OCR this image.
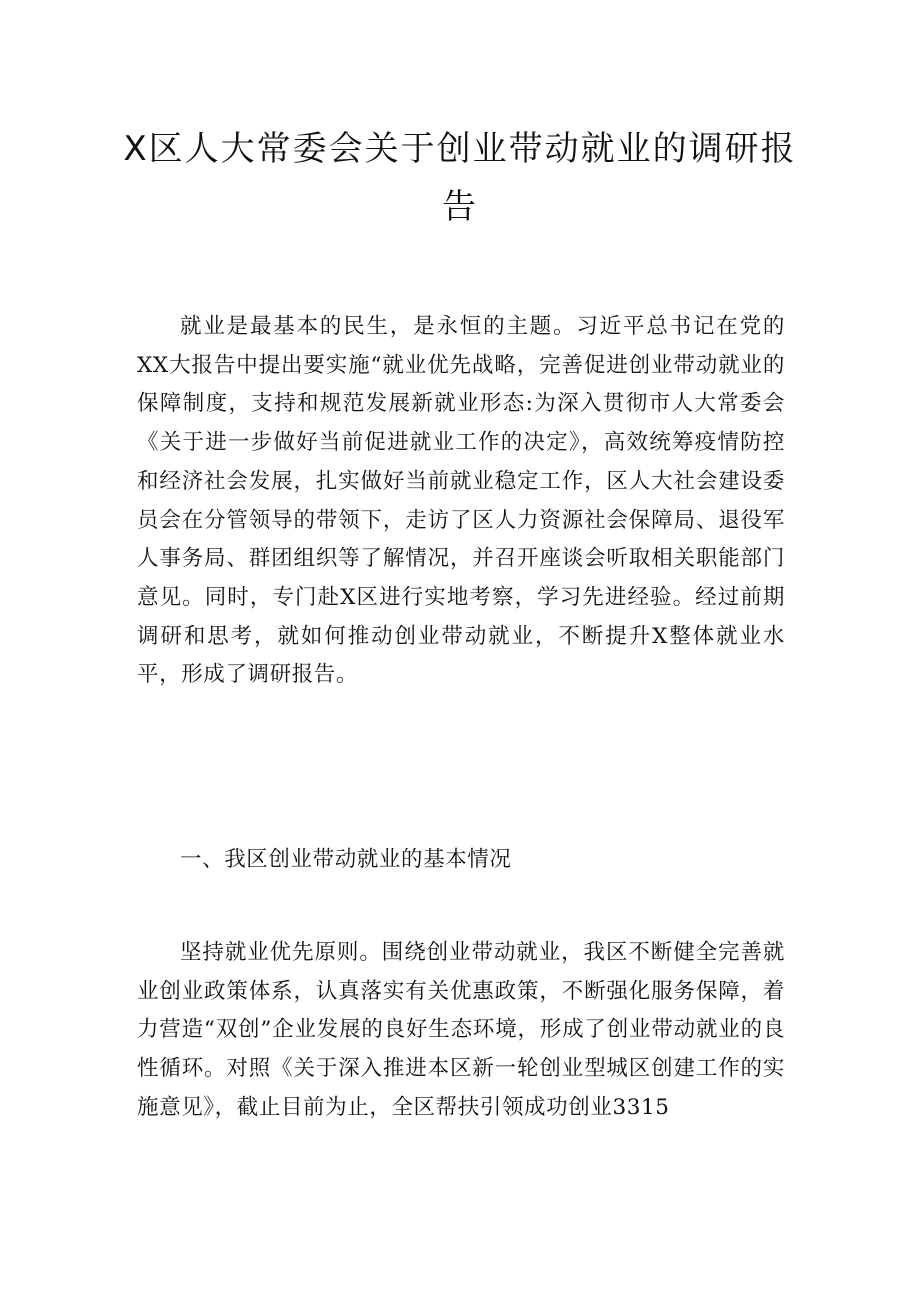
X区人大常委会关于创业带动就业的调研报告

就业是最基本的民生，是永恒的主题。习近平总书记在党的XX大报告中提出要实施“就业优先战略，完善促进创业带动就业的保障制度，支持和规范发展新就业形态:为深入贯彻市人大常委会《关于进一步做好当前促进就业工作的决定》，高效统筹疫情防控和经济社会发展，扎实做好当前就业稳定工作，区人大社会建设委员会在分管领导的带领下，走访了区人力资源社会保障局、退役军人事务局、群团组织等了解情况，并召开座谈会听取相关职能部门意见。同时，专门赴X区进行实地考察，学习先进经验。经过前期调研和思考，就如何推动创业带动就业，不断提升X整体就业水平，形成了调研报告。

一、我区创业带动就业的基本情况

坚持就业优先原则。围绕创业带动就业，我区不断健全完善就业创业政策体系，认真落实有关优惠政策，不断强化服务保障，着力营造“双创”企业发展的良好生态环境，形成了创业带动就业的良性循环。对照《关于深入推进本区新一轮创业型城区创建工作的实施意见》，截止目前为止，全区帮扶引领成功创业3315
